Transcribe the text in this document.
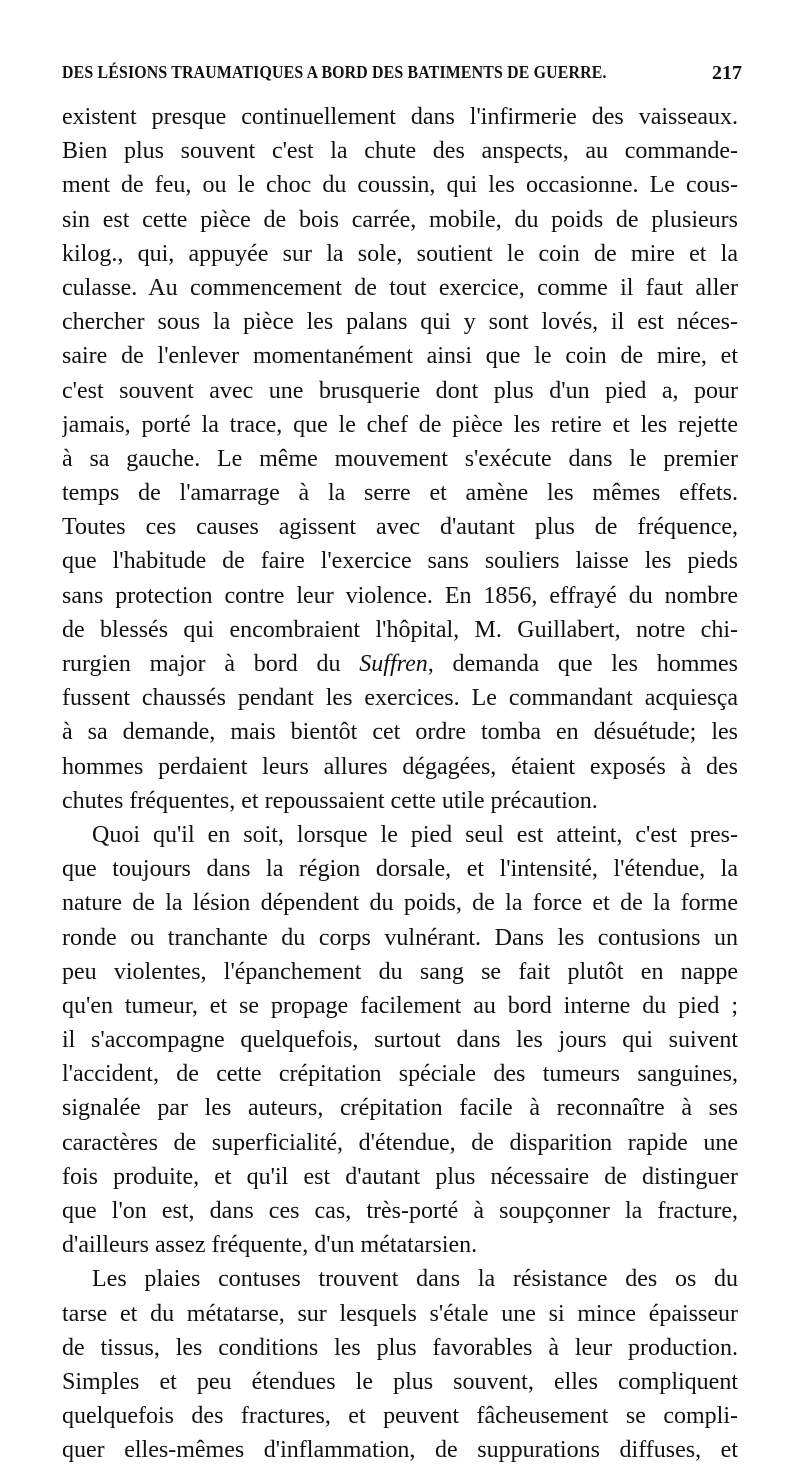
DES LÉSIONS TRAUMATIQUES A BORD DES BATIMENTS DE GUERRE.	217
existent presque continuellement dans l'infirmerie des vaisseaux.
Bien plus souvent c'est la chute des anspects, au commande-
ment de feu, ou le choc du coussin, qui les occasionne. Le cous-
sin est cette pièce de bois carrée, mobile, du poids de plusieurs
kilog., qui, appuyée sur la sole, soutient le coin de mire et la
culasse. Au commencement de tout exercice, comme il faut aller
chercher sous la pièce les palans qui y sont lovés, il est néces-
saire de l'enlever momentanément ainsi que le coin de mire, et
c'est souvent avec une brusquerie dont plus d'un pied a, pour
jamais, porté la trace, que le chef de pièce les retire et les rejette
à sa gauche. Le même mouvement s'exécute dans le premier
temps de l'amarrage à la serre et amène les mêmes effets.
Toutes ces causes agissent avec d'autant plus de fréquence,
que l'habitude de faire l'exercice sans souliers laisse les pieds
sans protection contre leur violence. En 1856, effrayé du nombre
de blessés qui encombraient l'hôpital, M. Guillabert, notre chi-
rurgien major à bord du Suffren, demanda que les hommes
fussent chaussés pendant les exercices. Le commandant acquiesça
à sa demande, mais bientôt cet ordre tomba en désuétude; les
hommes perdaient leurs allures dégagées, étaient exposés à des
chutes fréquentes, et repoussaient cette utile précaution.
Quoi qu'il en soit, lorsque le pied seul est atteint, c'est pres-
que toujours dans la région dorsale, et l'intensité, l'étendue, la
nature de la lésion dépendent du poids, de la force et de la forme
ronde ou tranchante du corps vulnérant. Dans les contusions un
peu violentes, l'épanchement du sang se fait plutôt en nappe
qu'en tumeur, et se propage facilement au bord interne du pied ;
il s'accompagne quelquefois, surtout dans les jours qui suivent
l'accident, de cette crépitation spéciale des tumeurs sanguines,
signalée par les auteurs, crépitation facile à reconnaître à ses
caractères de superficialité, d'étendue, de disparition rapide une
fois produite, et qu'il est d'autant plus nécessaire de distinguer
que l'on est, dans ces cas, très-porté à soupçonner la fracture,
d'ailleurs assez fréquente, d'un métatarsien.
Les plaies contuses trouvent dans la résistance des os du
tarse et du métatarse, sur lesquels s'étale une si mince épaisseur
de tissus, les conditions les plus favorables à leur production.
Simples et peu étendues le plus souvent, elles compliquent
quelquefois des fractures, et peuvent fâcheusement se compli-
quer elles-mêmes d'inflammation, de suppurations diffuses, et
